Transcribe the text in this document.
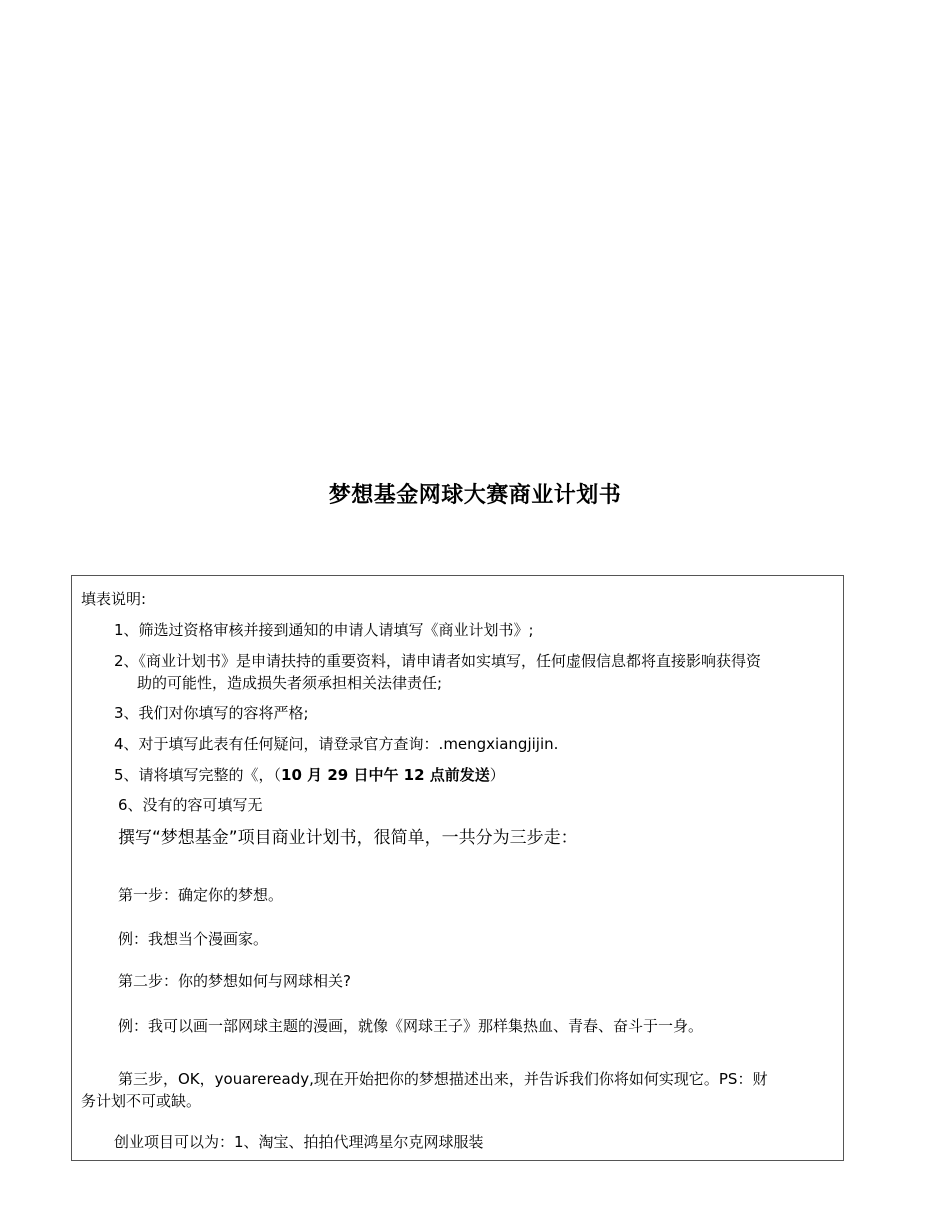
梦想基金网球大赛商业计划书
填表说明:
1、筛选过资格审核并接到通知的申请人请填写《商业计划书》;
2、《商业计划书》是申请扶持的重要资料，请申请者如实填写，任何虚假信息都将直接影响获得资
助的可能性，造成损失者须承担相关法律责任;
3、我们对你填写的容将严格;
4、对于填写此表有任何疑问，请登录官方查询：.mengxiangjijin.
5、请将填写完整的《，（10 月 29 日中午 12 点前发送）
6、没有的容可填写无
撰写“梦想基金”项目商业计划书，很简单，一共分为三步走：
第一步：确定你的梦想。
例：我想当个漫画家。
第二步：你的梦想如何与网球相关?
例：我可以画一部网球主题的漫画，就像《网球王子》那样集热血、青春、奋斗于一身。
第三步，OK，youareready,现在开始把你的梦想描述出来，并告诉我们你将如何实现它。PS：财
务计划不可或缺。
创业项目可以为：1、淘宝、拍拍代理鸿星尔克网球服装
